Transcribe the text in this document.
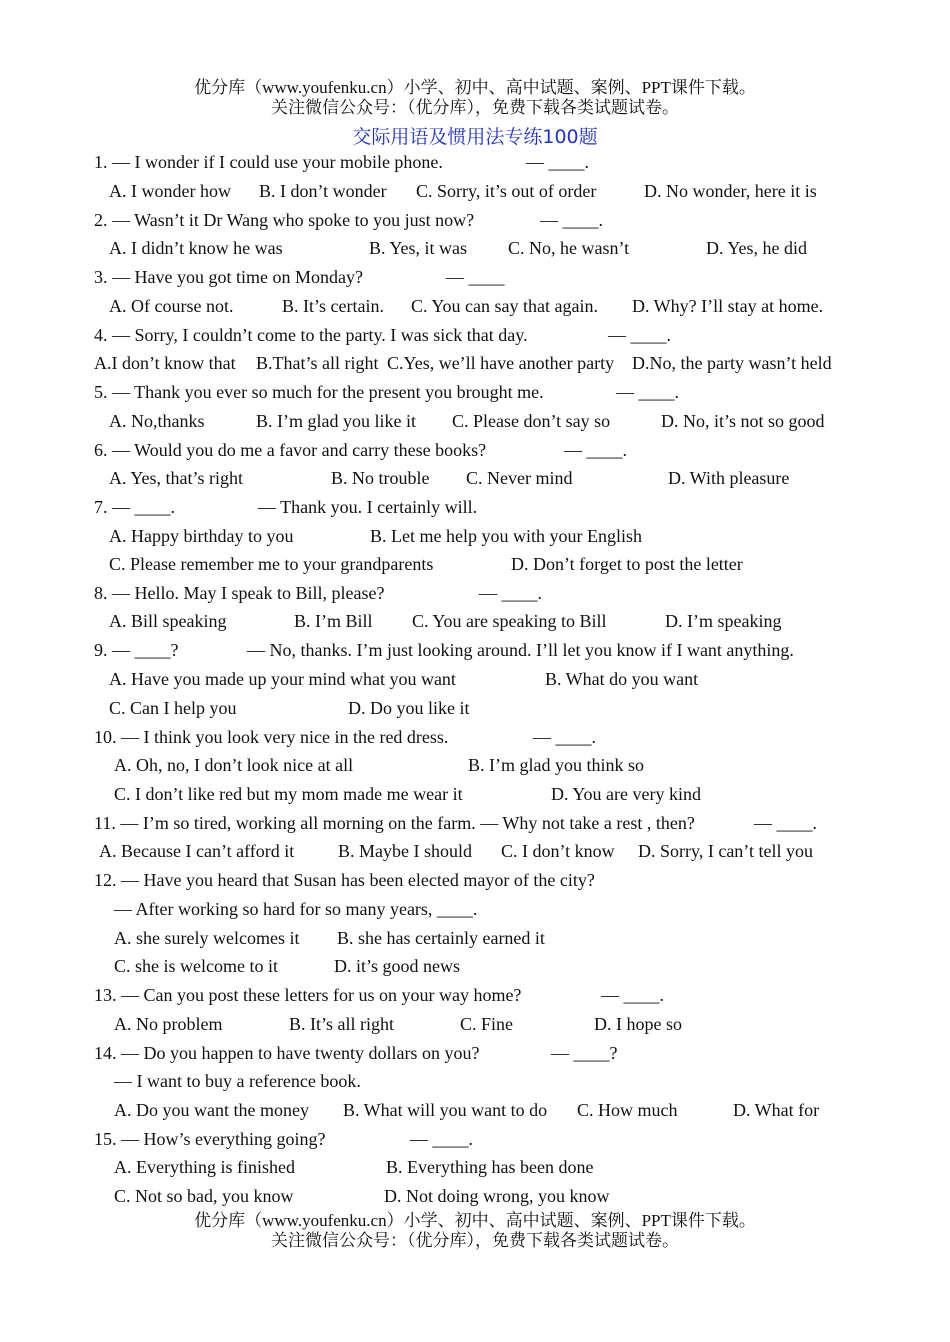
优分库（www.youfenku.cn）小学、初中、高中试题、案例、PPT课件下载。
关注微信公众号：（优分库），免费下载各类试题试卷。
交际用语及惯用法专练100题

1. — I wonder if I could use your mobile phone.

	— ____.

A. I wonder how

B. I don’t wonder

C. Sorry, it’s out of order

	D. No wonder, here it is

2. — Wasn’t it Dr Wang who spoke to you just now?

	— ____.

A. I didn’t know he was

	B. Yes, it was

C. No, he wasn’t

	D. Yes, he did

3. — Have you got time on Monday?

	— ____

A. Of course not.

	B. It’s certain.

C. You can say that again.

D. Why? I’ll stay at home.

4. — Sorry, I couldn’t come to the party. I was sick that day.

	— ____.

A.I don’t know that

B.That’s all right

C.Yes, we’ll have another party

D.No, the party wasn’t held

5. — Thank you ever so much for the present you brought me.

	— ____.

A. No,thanks

	B. I’m glad you like it

C. Please don’t say so

	D. No, it’s not so good

6. — Would you do me a favor and carry these books?

	— ____.

A. Yes, that’s right

	B. No trouble

C. Never mind

	D. With pleasure

7. — ____.

	— Thank you. I certainly will.

A. Happy birthday to you

	B. Let me help you with your English

C. Please remember me to your grandparents

	D. Don’t forget to post the letter

8. — Hello. May I speak to Bill, please?

	— ____.

A. Bill speaking

	B. I’m Bill

C. You are speaking to Bill

	D. I’m speaking

9. — ____?

	— No, thanks. I’m just looking around. I’ll let you know if I want anything.

A. Have you made up your mind what you want

	B. What do you want

C. Can I help you

	D. Do you like it

10. — I think you look very nice in the red dress.

	— ____.

A. Oh, no, I don’t look nice at all

	B. I’m glad you think so

C. I don’t like red but my mom made me wear it

	D. You are very kind

11. — I’m so tired, working all morning on the farm. — Why not take a rest , then?

	— ____.

A. Because I can’t afford it

B. Maybe I should

C. I don’t know

D. Sorry, I can’t tell you

12. — Have you heard that Susan has been elected mayor of the city?

— After working so hard for so many years, ____.

A. she surely welcomes it

B. she has certainly earned it

C. she is welcome to it

	D. it’s good news

13. — Can you post these letters for us on your way home?

	— ____.

A. No problem

	B. It’s all right

	C. Fine

	D. I hope so

14. — Do you happen to have twenty dollars on you?

	— ____?

— I want to buy a reference book.

A. Do you want the money

B. What will you want to do

C. How much

	D. What for

15. — How’s everything going?

	— ____.

A. Everything is finished

	B. Everything has been done

C. Not so bad, you know

	D. Not doing wrong, you know

优分库（www.youfenku.cn）小学、初中、高中试题、案例、PPT课件下载。
关注微信公众号：（优分库），免费下载各类试题试卷。
